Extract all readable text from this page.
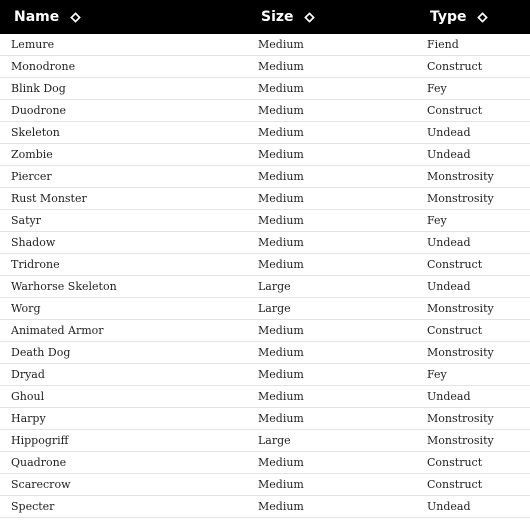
Name	Size	Type
Lemure	Medium	Fiend
Monodrone	Medium	Construct
Blink Dog	Medium	Fey
Duodrone	Medium	Construct
Skeleton	Medium	Undead
Zombie	Medium	Undead
Piercer	Medium	Monstrosity
Rust Monster	Medium	Monstrosity
Satyr	Medium	Fey
Shadow	Medium	Undead
Tridrone	Medium	Construct
Warhorse Skeleton	Large	Undead
Worg	Large	Monstrosity
Animated Armor	Medium	Construct
Death Dog	Medium	Monstrosity
Dryad	Medium	Fey
Ghoul	Medium	Undead
Harpy	Medium	Monstrosity
Hippogriff	Large	Monstrosity
Quadrone	Medium	Construct
Scarecrow	Medium	Construct
Specter	Medium	Undead
